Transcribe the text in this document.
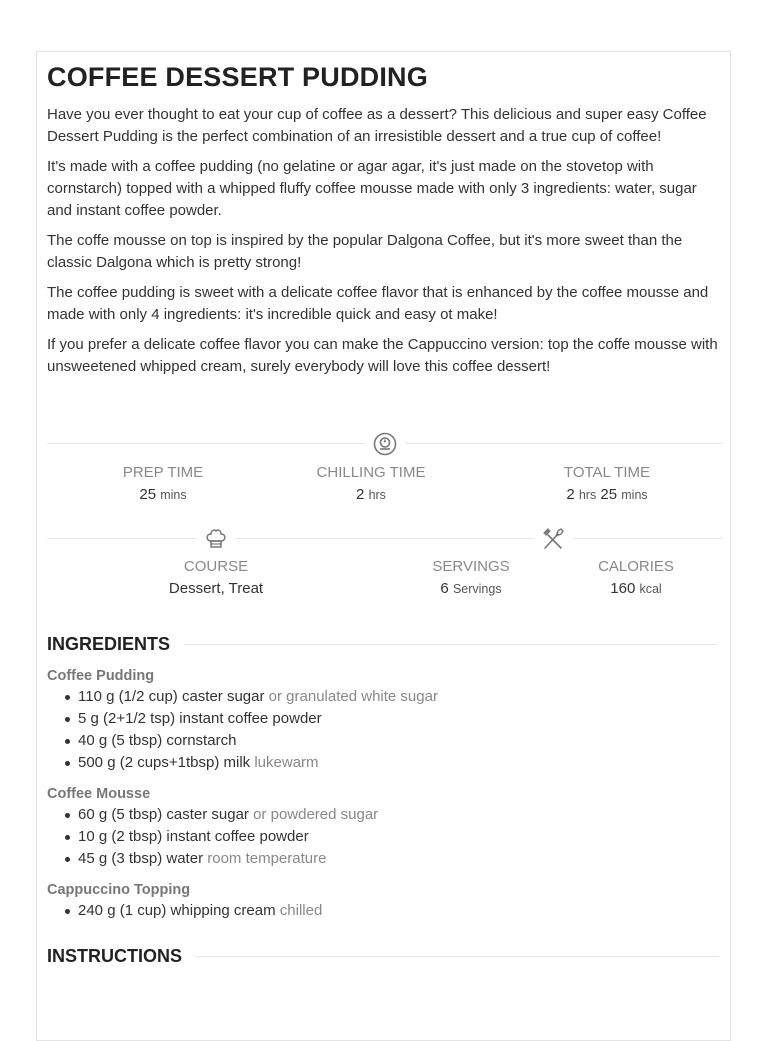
COFFEE DESSERT PUDDING

Have you ever thought to eat your cup of coffee as a dessert? This delicious and super easy Coffee Dessert Pudding is the perfect combination of an irresistible dessert and a true cup of coffee!

It's made with a coffee pudding (no gelatine or agar agar, it's just made on the stovetop with cornstarch) topped with a whipped fluffy coffee mousse made with only 3 ingredients: water, sugar and instant coffee powder.

The coffe mousse on top is inspired by the popular Dalgona Coffee, but it's more sweet than the classic Dalgona which is pretty strong!

The coffee pudding is sweet with a delicate coffee flavor that is enhanced by the coffee mousse and made with only 4 ingredients: it's incredible quick and easy ot make!

If you prefer a delicate coffee flavor you can make the Cappuccino version: top the coffe mousse with unsweetened whipped cream, surely everybody will love this coffee dessert!

PREP TIME
25 mins
CHILLING TIME
2 hrs
TOTAL TIME
2 hrs 25 mins
COURSE
Dessert, Treat
SERVINGS
6 Servings
CALORIES
160 kcal
INGREDIENTS
Coffee Pudding
110 g (1/2 cup) caster sugar or granulated white sugar
5 g (2+1/2 tsp) instant coffee powder
40 g (5 tbsp) cornstarch
500 g (2 cups+1tbsp) milk lukewarm
Coffee Mousse
60 g (5 tbsp) caster sugar or powdered sugar
10 g (2 tbsp) instant coffee powder
45 g (3 tbsp) water room temperature
Cappuccino Topping
240 g (1 cup) whipping cream chilled
INSTRUCTIONS
